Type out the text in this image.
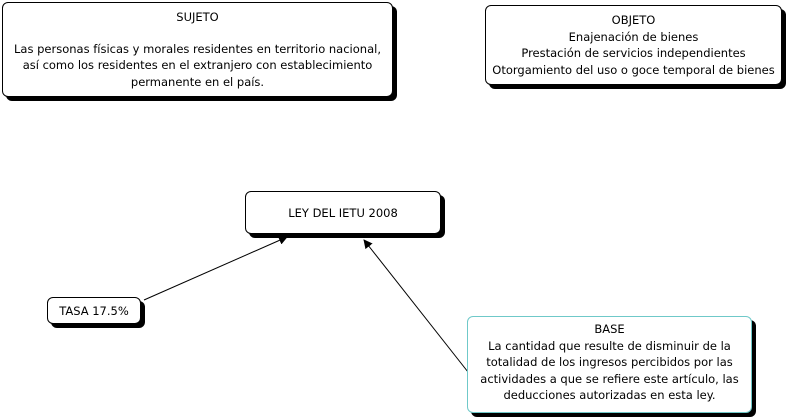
SUJETO
Las personas físicas y morales residentes en territorio nacional,
así como los residentes en el extranjero con establecimiento
permanente en el país.
OBJETO
Enajenación de bienes
Prestación de servicios independientes
Otorgamiento del uso o goce temporal de bienes
LEY DEL IETU 2008
TASA 17.5%
BASE
La cantidad que resulte de disminuir de la
totalidad de los ingresos percibidos por las
actividades a que se refiere este artículo, las
deducciones autorizadas en esta ley.
